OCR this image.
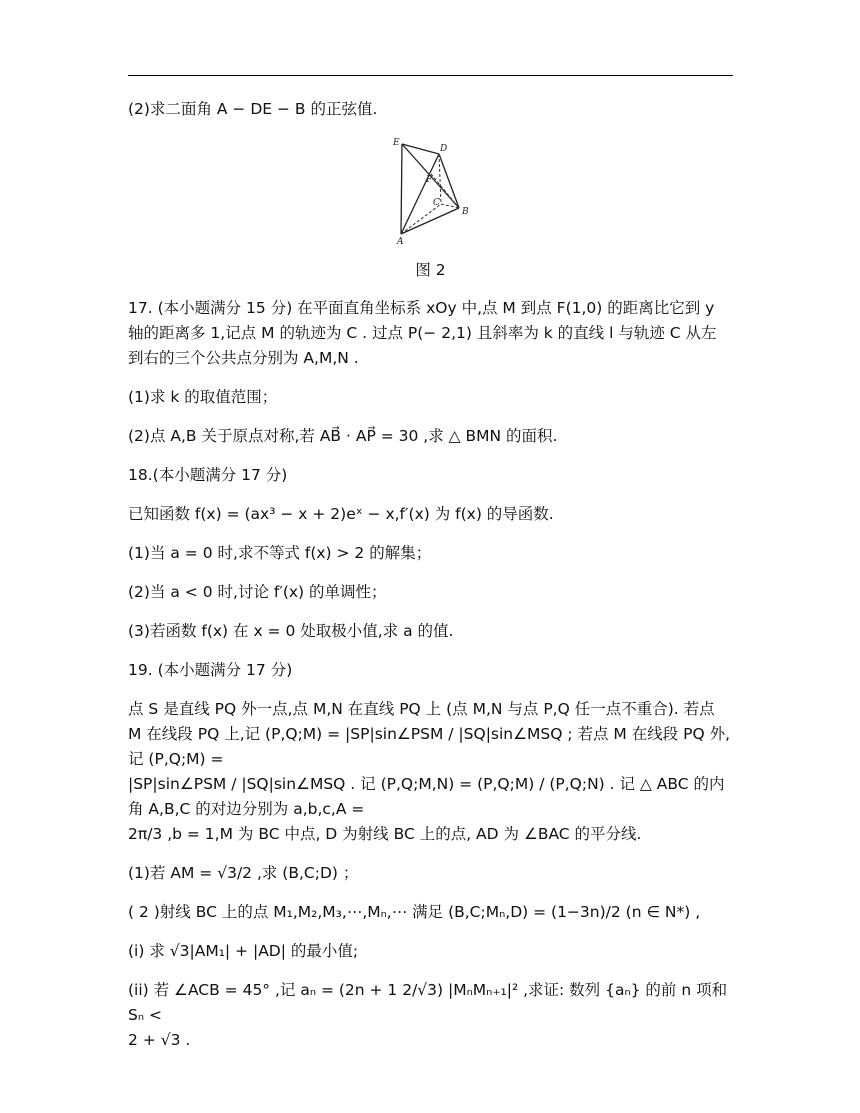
(2)求二面角 A − DE − B 的正弦值.

E
D
F
C
B
A
图 2
17. (本小题满分 15 分) 在平面直角坐标系 xOy 中,点 M 到点 F(1,0) 的距离比它到 y
轴的距离多 1,记点 M 的轨迹为 C . 过点 P(− 2,1) 且斜率为 k 的直线 l 与轨迹 C 从左
到右的三个公共点分别为 A,M,N .

(1)求 k 的取值范围；

(2)点 A,B 关于原点对称,若 AB⃗ · AP⃗ = 30 ,求 △ BMN 的面积.

18.(本小题满分 17 分)

已知函数 f(x) = (ax³ − x + 2)eˣ − x,f′(x) 为 f(x) 的导函数.

(1)当 a = 0 时,求不等式 f(x) > 2 的解集；

(2)当 a < 0 时,讨论 f′(x) 的单调性；

(3)若函数 f(x) 在 x = 0 处取极小值,求 a 的值.

19. (本小题满分 17 分)

点 S 是直线 PQ 外一点,点 M,N 在直线 PQ 上 (点 M,N 与点 P,Q 任一点不重合). 若点
M 在线段 PQ 上,记 (P,Q;M) = |SP|sin∠PSM / |SQ|sin∠MSQ ; 若点 M 在线段 PQ 外,记 (P,Q;M) =
|SP|sin∠PSM / |SQ|sin∠MSQ . 记 (P,Q;M,N) = (P,Q;M) / (P,Q;N) . 记 △ ABC 的内角 A,B,C 的对边分别为 a,b,c,A =
2π/3 ,b = 1,M 为 BC 中点, D 为射线 BC 上的点, AD 为 ∠BAC 的平分线.

(1)若 AM = √3/2 ,求 (B,C;D) ；

( 2 )射线 BC 上的点 M₁,M₂,M₃,⋯,Mₙ,⋯ 满足 (B,C;Mₙ,D) = (1−3n)/2 (n ∈ N*) ,

(i) 求 √3|AM₁| + |AD| 的最小值;

(ii) 若 ∠ACB = 45° ,记 aₙ = (2n + 1 2/√3) |MₙMₙ₊₁|² ,求证: 数列 {aₙ} 的前 n 项和 Sₙ <
2 + √3 .
